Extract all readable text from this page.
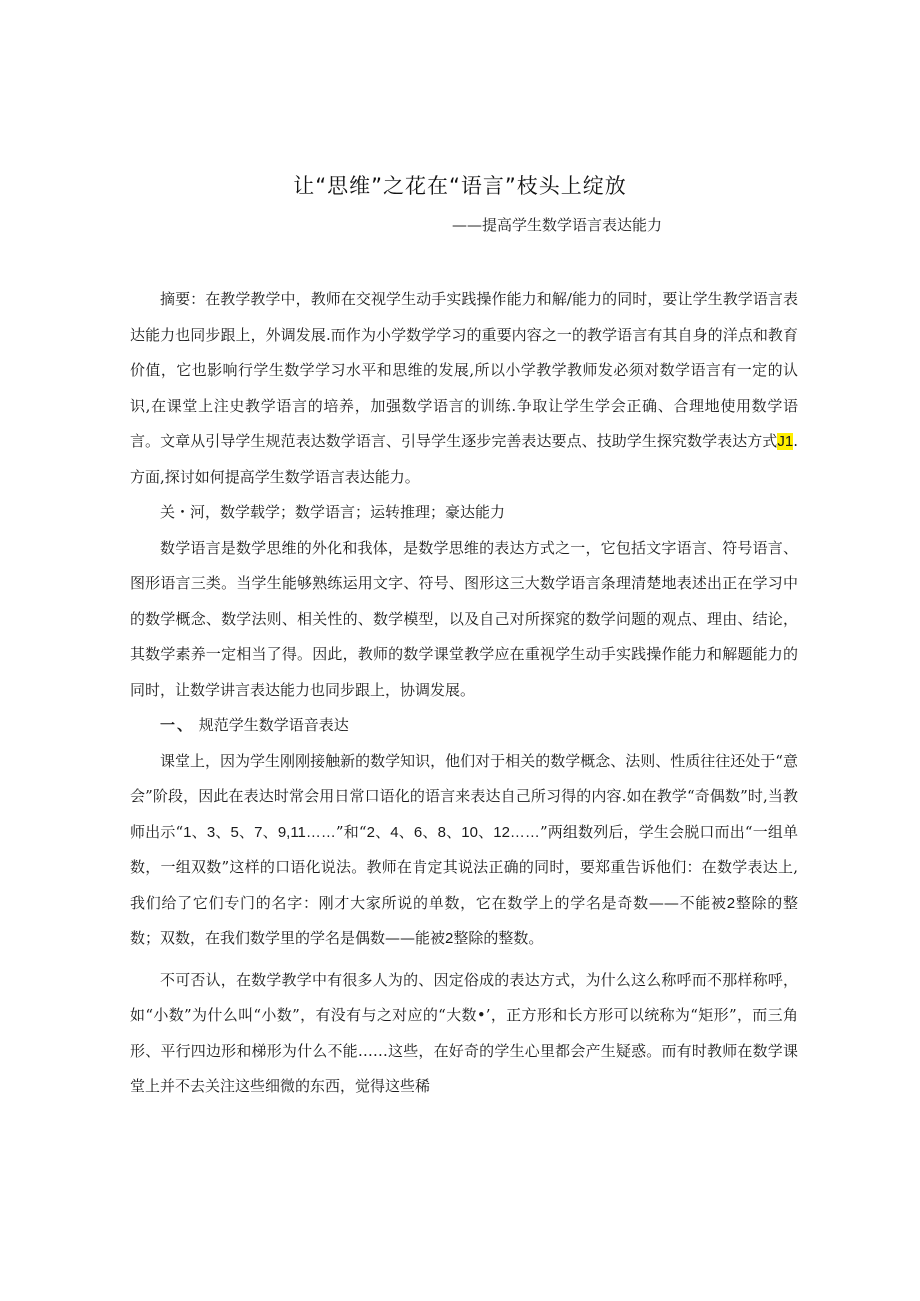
让“思维”之花在“语言”枝头上绽放
——提高学生数学语言表达能力

摘要：在教学教学中，教师在交视学生动手实践操作能力和解/能力的同时，要让学生教学语言表达能力也同步跟上，外调发展.而作为小学数学学习的重要内容之一的教学语言有其自身的洋点和教育价值，它也影响行学生数学学习水平和思维的发展,所以小学教学教师发必须对数学语言有一定的认识,在课堂上注史教学语言的培养，加强数学语言的训练.争取让学生学会正确、合理地使用数学语言。文章从引导学生规范表达数学语言、引导学生逐步完善表达要点、技助学生探究数学表达方式J1.方面,探讨如何提高学生数学语言表达能力。

关・河，数学载学；数学语言；运转推理；豪达能力

数学语言是数学思维的外化和我体，是数学思维的表达方式之一，它包括文字语言、符号语言、图形语言三类。当学生能够熟练运用文字、符号、图形这三大数学语言条理清楚地表述出正在学习中的数学概念、数学法则、相关性的、数学模型，以及自己对所探窕的数学问题的观点、理由、结论，其数学素养一定相当了得。因此，教师的数学课堂教学应在重视学生动手实践操作能力和解题能力的同时，让数学讲言表达能力也同步跟上，协调发展。

一、 规范学生数学语音表达

课堂上，因为学生刚刚接触新的数学知识，他们对于相关的数学概念、法则、性质往往还处于“意会”阶段，因此在表达时常会用日常口语化的语言来表达自己所习得的内容.如在教学“奇偶数”时,当教师出示“1、3、5、7、9,11……”和“2、4、6、8、10、12……”两组数列后，学生会脱口而出“一组单数，一组双数”这样的口语化说法。教师在肯定其说法正确的同时，要郑重告诉他们：在数学表达上,我们给了它们专门的名字：刚才大家所说的单数，它在数学上的学名是奇数——不能被2整除的整数；双数，在我们数学里的学名是偶数——能被2整除的整数。

不可否认，在数学教学中有很多人为的、因定俗成的表达方式，为什么这么称呼而不那样称呼，如“小数”为什么叫“小数”，有没有与之对应的“大数•’，正方形和长方形可以统称为“矩形”，而三角形、平行四边形和梯形为什么不能……这些，在好奇的学生心里都会产生疑惑。而有时教师在数学课堂上并不去关注这些细微的东西，觉得这些稀
